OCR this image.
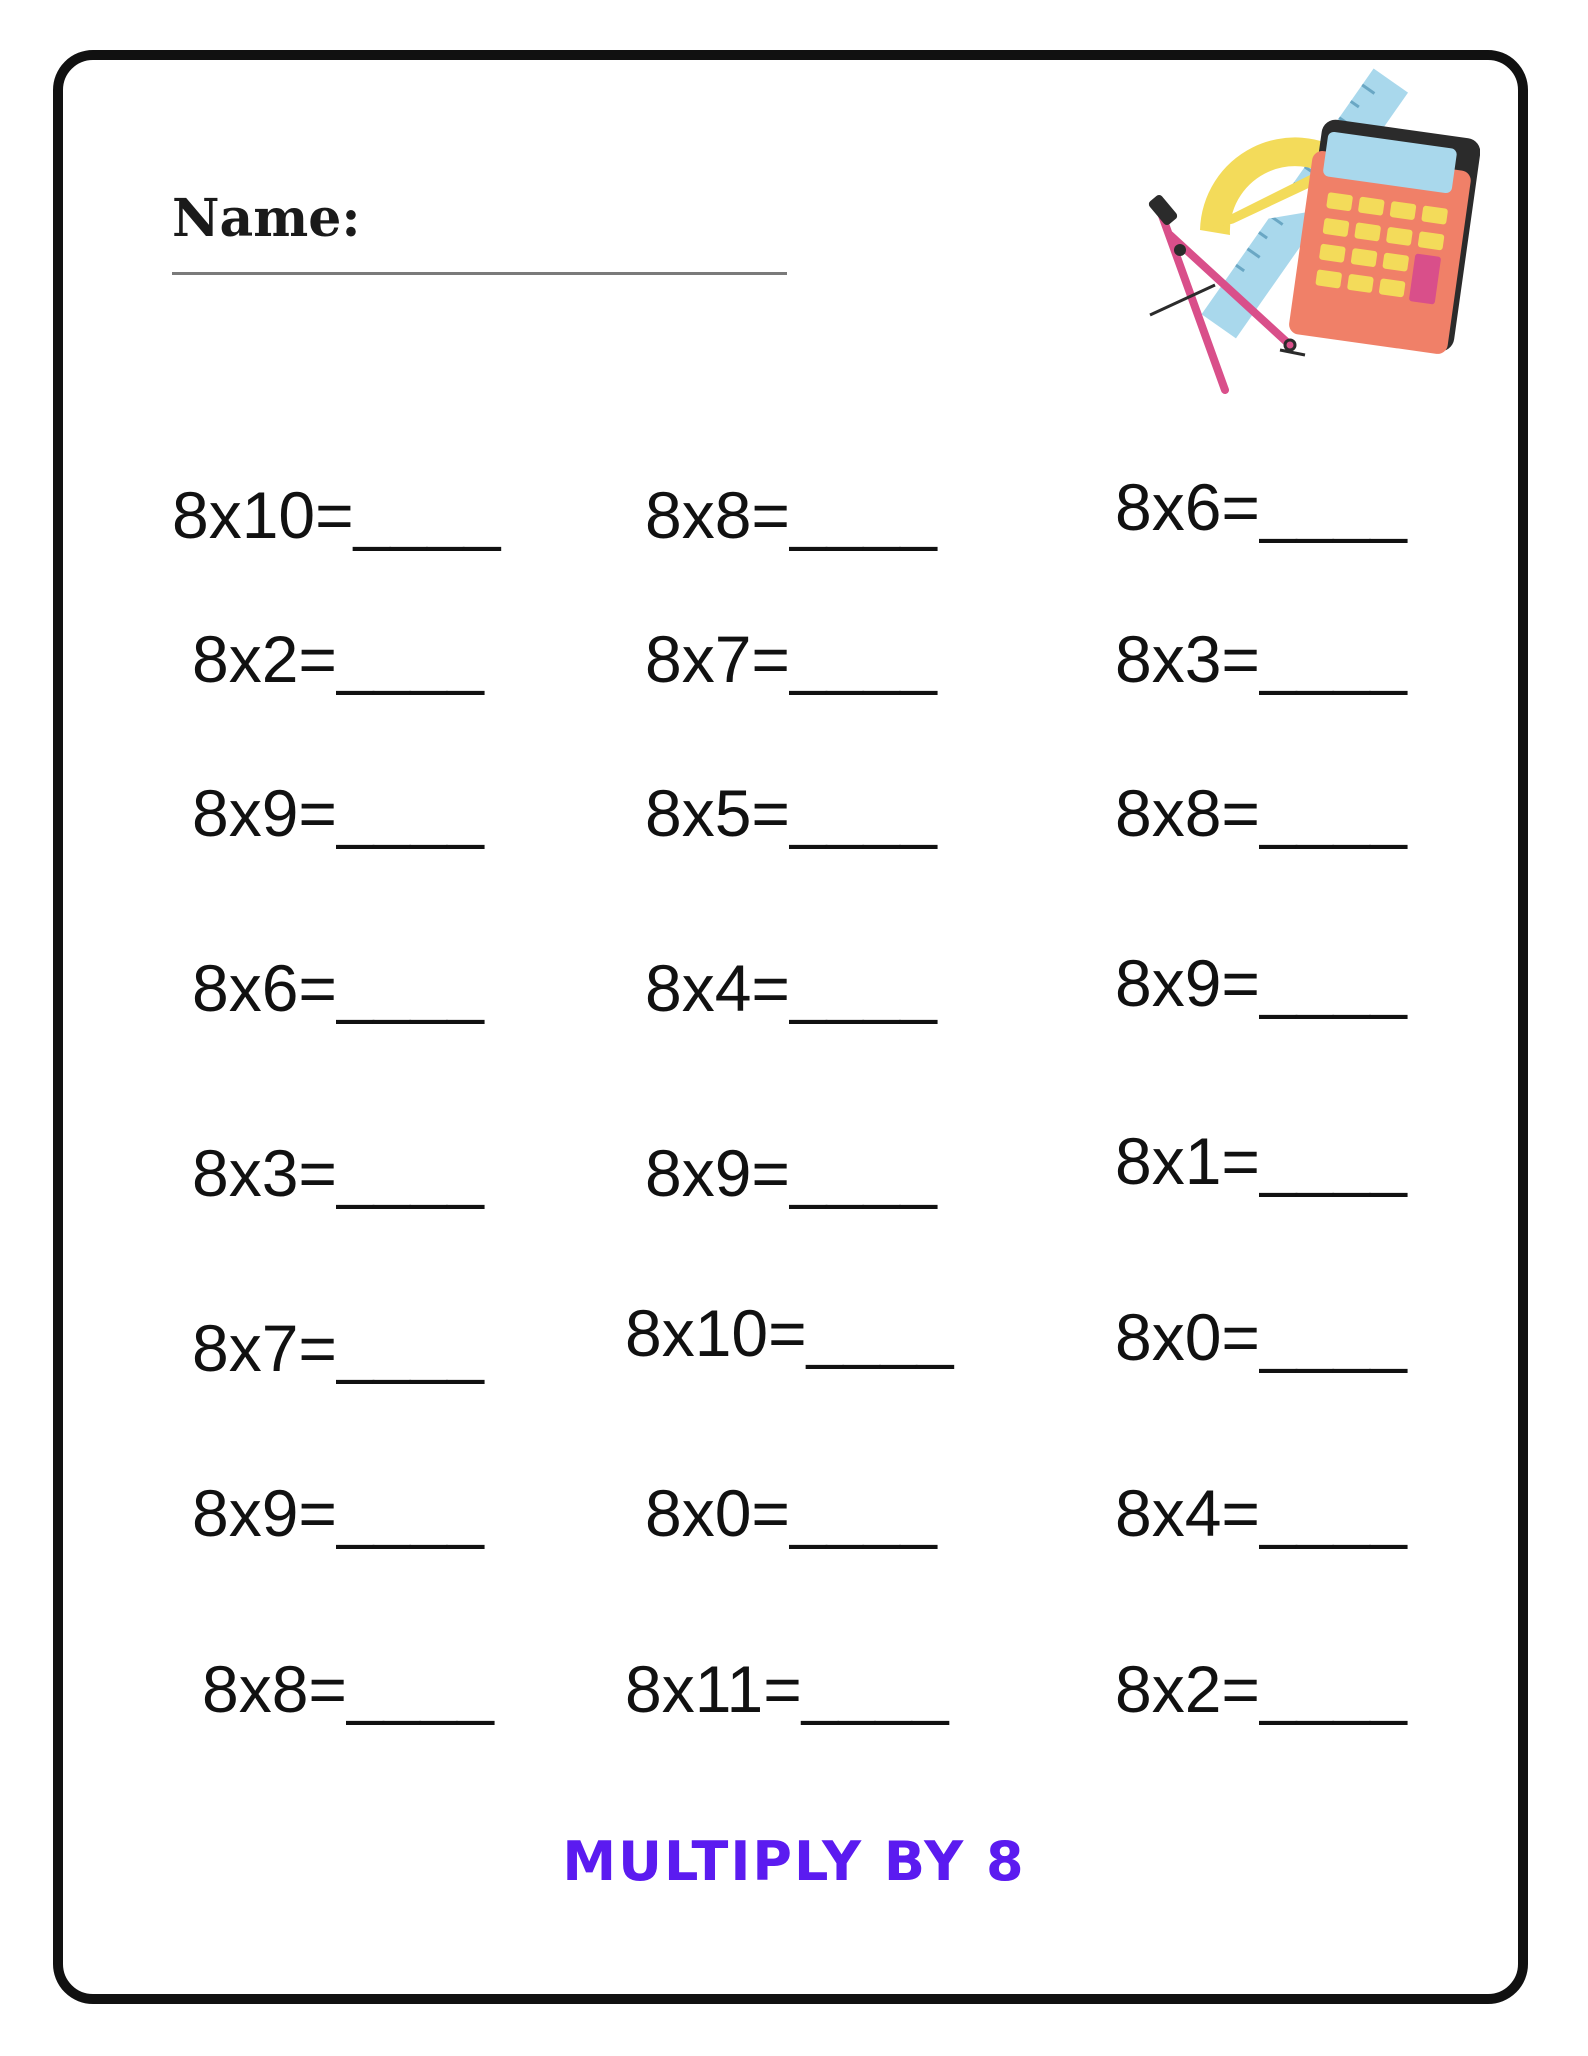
Name:
8x10=____ 8x8=____	8x6=____
8x2=____ 8x7=____	8x3=____
8x9=____ 8x5=____	8x8=____
8x6=____ 8x4=____	8x9=____
8x3=____ 8x9=____	8x1=____
8x7=____ 8x10=____ 8x0=____
8x9=____ 8x0=____	8x4=____
8x8=____ 8x11=____	8x2=____
MULTIPLY BY 8
